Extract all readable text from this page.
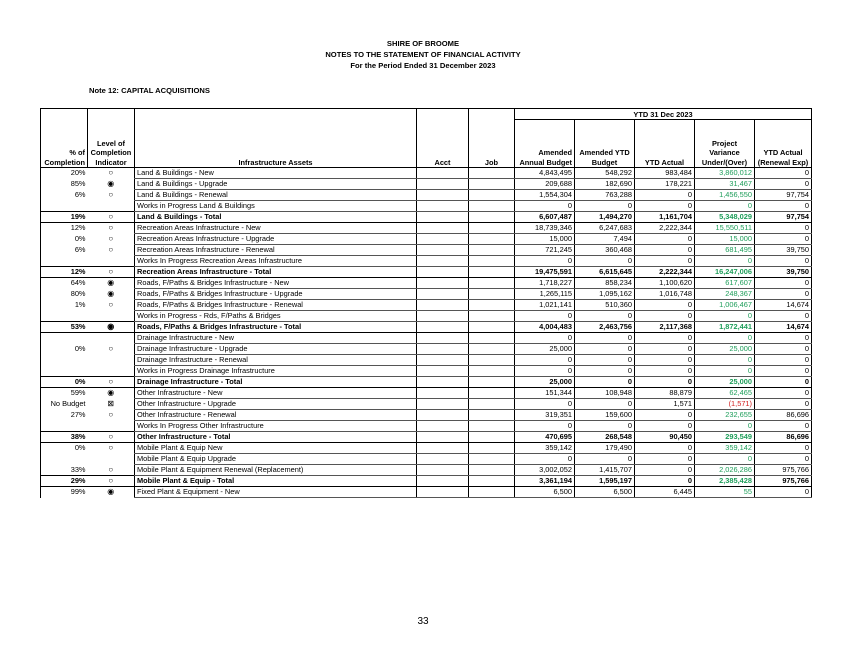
SHIRE OF BROOME
NOTES TO THE STATEMENT OF FINANCIAL ACTIVITY
For the Period Ended 31 December 2023
Note 12: CAPITAL ACQUISITIONS
% of Completion	Level of Completion Indicator	Infrastructure Assets	Acct	Job	YTD 31 Dec 2023				
					Amended Annual Budget	Amended YTD Budget	YTD Actual	Project Variance Under/(Over)	YTD Actual (Renewal Exp)
20%	○	Land & Buildings - New			4,843,495	548,292	983,484	3,860,012	0
85%	◉	Land & Buildings - Upgrade			209,688	182,690	178,221	31,467	0
6%	○	Land & Buildings - Renewal			1,554,304	763,288	0	1,456,550	97,754
		Works in Progress Land & Buildings			0	0	0	0	0
19%	○	Land & Buildings - Total			6,607,487	1,494,270	1,161,704	5,348,029	97,754
12%	○	Recreation Areas Infrastructure - New			18,739,346	6,247,683	2,222,344	15,550,511	0
0%	○	Recreation Areas Infrastructure - Upgrade			15,000	7,494	0	15,000	0
6%	○	Recreation Areas Infrastructure - Renewal			721,245	360,468	0	681,495	39,750
		Works In Progress Recreation Areas Infrastructure			0	0	0	0	0
12%	○	Recreation Areas Infrastructure - Total			19,475,591	6,615,645	2,222,344	16,247,006	39,750
64%	◉	Roads, F/Paths & Bridges Infrastructure - New			1,718,227	858,234	1,100,620	617,607	0
80%	◉	Roads, F/Paths & Bridges Infrastructure - Upgrade			1,265,115	1,095,162	1,016,748	248,367	0
1%	○	Roads, F/Paths & Bridges Infrastructure - Renewal			1,021,141	510,360	0	1,006,467	14,674
		Works in Progress - Rds, F/Paths & Bridges			0	0	0	0	0
53%	◉	Roads, F/Paths & Bridges Infrastructure - Total			4,004,483	2,463,756	2,117,368	1,872,441	14,674
		Drainage Infrastructure - New			0	0	0	0	0
0%	○	Drainage Infrastructure - Upgrade			25,000	0	0	25,000	0
		Drainage Infrastructure - Renewal			0	0	0	0	0
		Works in Progress Drainage Infrastructure			0	0	0	0	0
0%	○	Drainage Infrastructure - Total			25,000	0	0	25,000	0
59%	◉	Other Infrastructure - New			151,344	108,948	88,879	62,465	0
No Budget	⊠	Other Infrastructure - Upgrade			0	0	1,571	(1,571)	0
27%	○	Other Infrastructure - Renewal			319,351	159,600	0	232,655	86,696
		Works In Progress Other Infrastructure			0	0	0	0	0
38%	○	Other Infrastructure - Total			470,695	268,548	90,450	293,549	86,696
0%	○	Mobile Plant & Equip New			359,142	179,490	0	359,142	0
		Mobile Plant & Equip Upgrade			0	0	0	0	0
33%	○	Mobile Plant & Equipment Renewal (Replacement)			3,002,052	1,415,707	0	2,026,286	975,766
29%	○	Mobile Plant & Equip - Total			3,361,194	1,595,197	0	2,385,428	975,766
99%	◉	Fixed Plant & Equipment - New			6,500	6,500	6,445	55	0
33
